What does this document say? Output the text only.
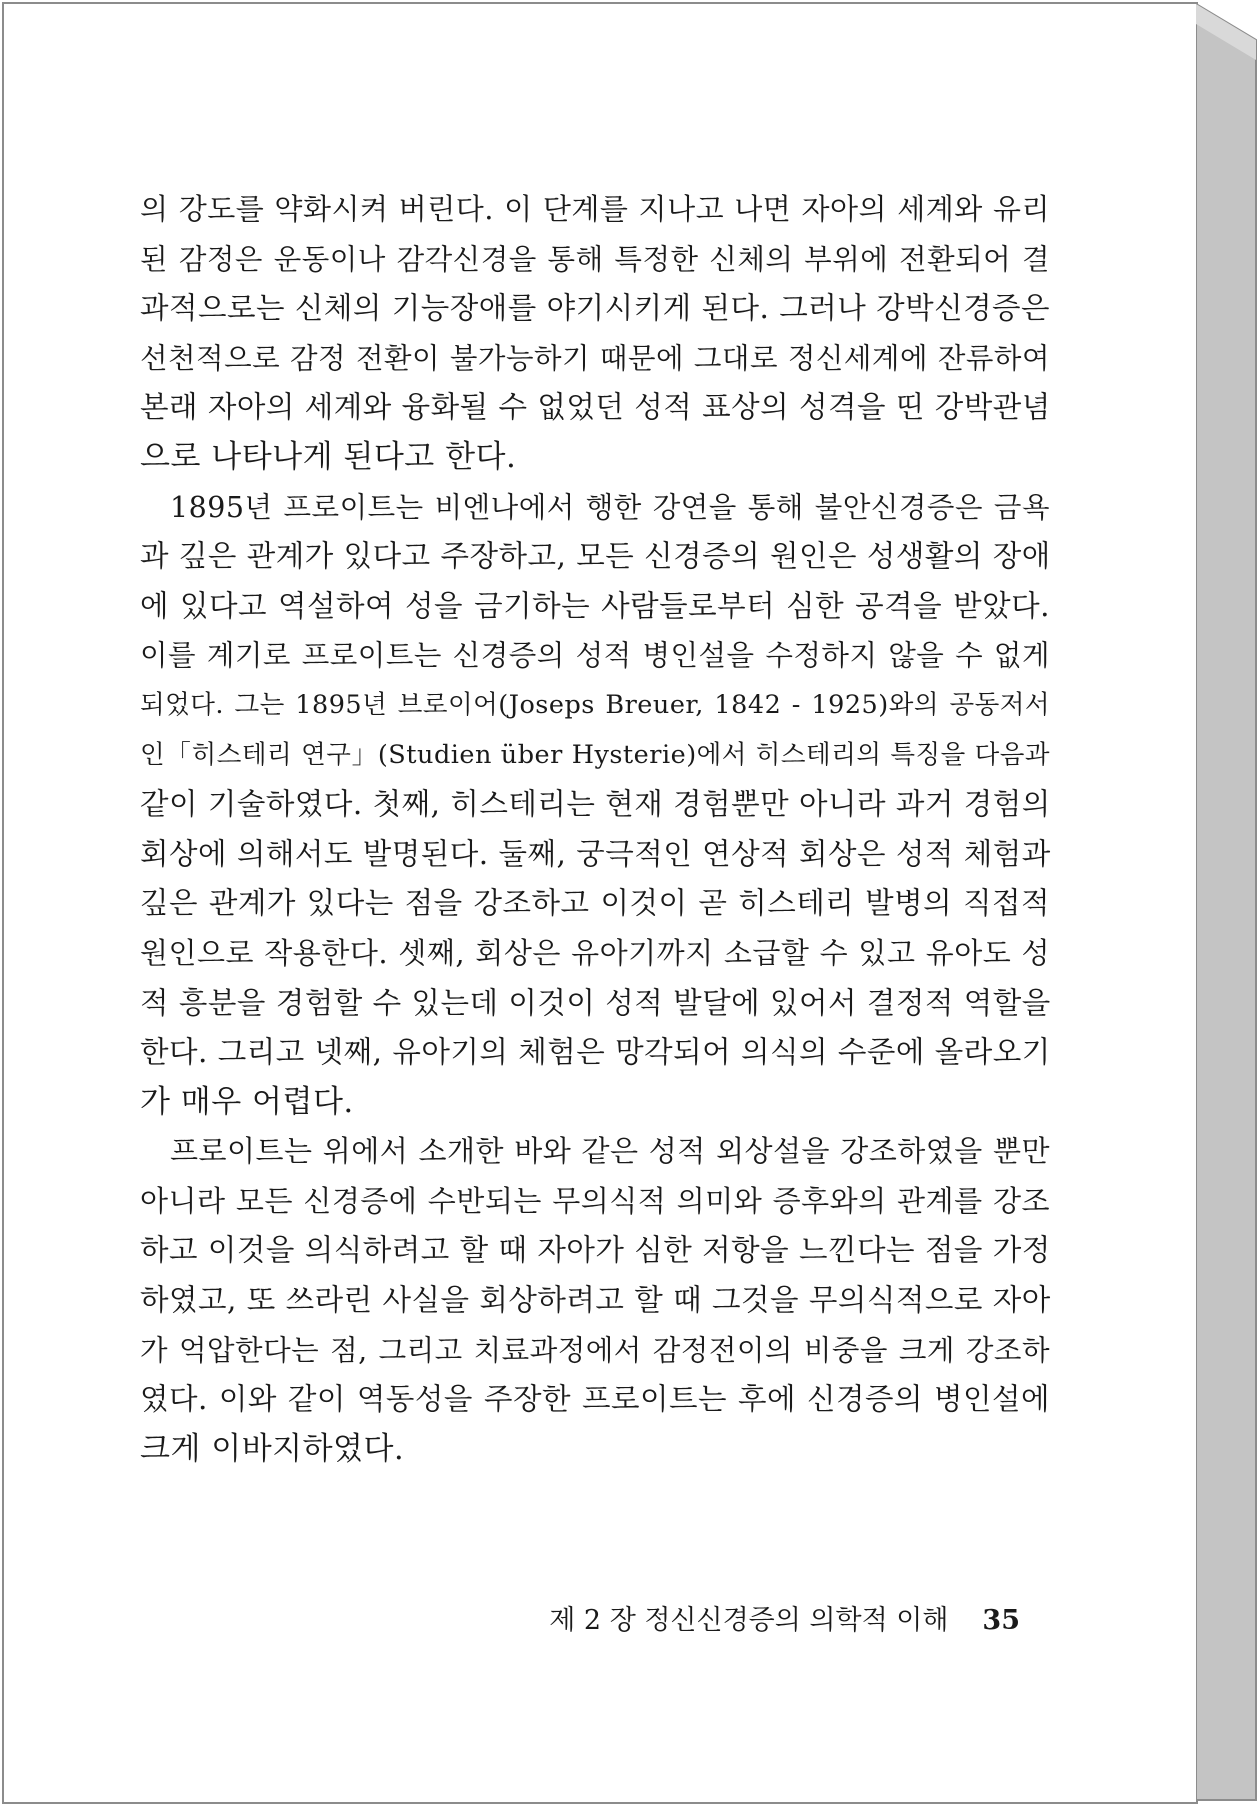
의 강도를 약화시켜 버린다. 이 단계를 지나고 나면 자아의 세계와 유리
된 감정은 운동이나 감각신경을 통해 특정한 신체의 부위에 전환되어 결
과적으로는 신체의 기능장애를 야기시키게 된다. 그러나 강박신경증은
선천적으로 감정 전환이 불가능하기 때문에 그대로 정신세계에 잔류하여
본래 자아의 세계와 융화될 수 없었던 성적 표상의 성격을 띤 강박관념
으로 나타나게 된다고 한다.
1895년 프로이트는 비엔나에서 행한 강연을 통해 불안신경증은 금욕
과 깊은 관계가 있다고 주장하고, 모든 신경증의 원인은 성생활의 장애
에 있다고 역설하여 성을 금기하는 사람들로부터 심한 공격을 받았다.
이를 계기로 프로이트는 신경증의 성적 병인설을 수정하지 않을 수 없게
되었다. 그는 1895년 브로이어(Joseps Breuer, 1842 - 1925)와의 공동저서
인「히스테리 연구」(Studien über Hysterie)에서 히스테리의 특징을 다음과
같이 기술하였다. 첫째, 히스테리는 현재 경험뿐만 아니라 과거 경험의
회상에 의해서도 발명된다. 둘째, 궁극적인 연상적 회상은 성적 체험과
깊은 관계가 있다는 점을 강조하고 이것이 곧 히스테리 발병의 직접적
원인으로 작용한다. 셋째, 회상은 유아기까지 소급할 수 있고 유아도 성
적 흥분을 경험할 수 있는데 이것이 성적 발달에 있어서 결정적 역할을
한다. 그리고 넷째, 유아기의 체험은 망각되어 의식의 수준에 올라오기
가 매우 어렵다.
프로이트는 위에서 소개한 바와 같은 성적 외상설을 강조하였을 뿐만
아니라 모든 신경증에 수반되는 무의식적 의미와 증후와의 관계를 강조
하고 이것을 의식하려고 할 때 자아가 심한 저항을 느낀다는 점을 가정
하였고, 또 쓰라린 사실을 회상하려고 할 때 그것을 무의식적으로 자아
가 억압한다는 점, 그리고 치료과정에서 감정전이의 비중을 크게 강조하
였다. 이와 같이 역동성을 주장한 프로이트는 후에 신경증의 병인설에
크게 이바지하였다.
제 2 장 정신신경증의 의학적 이해 35
